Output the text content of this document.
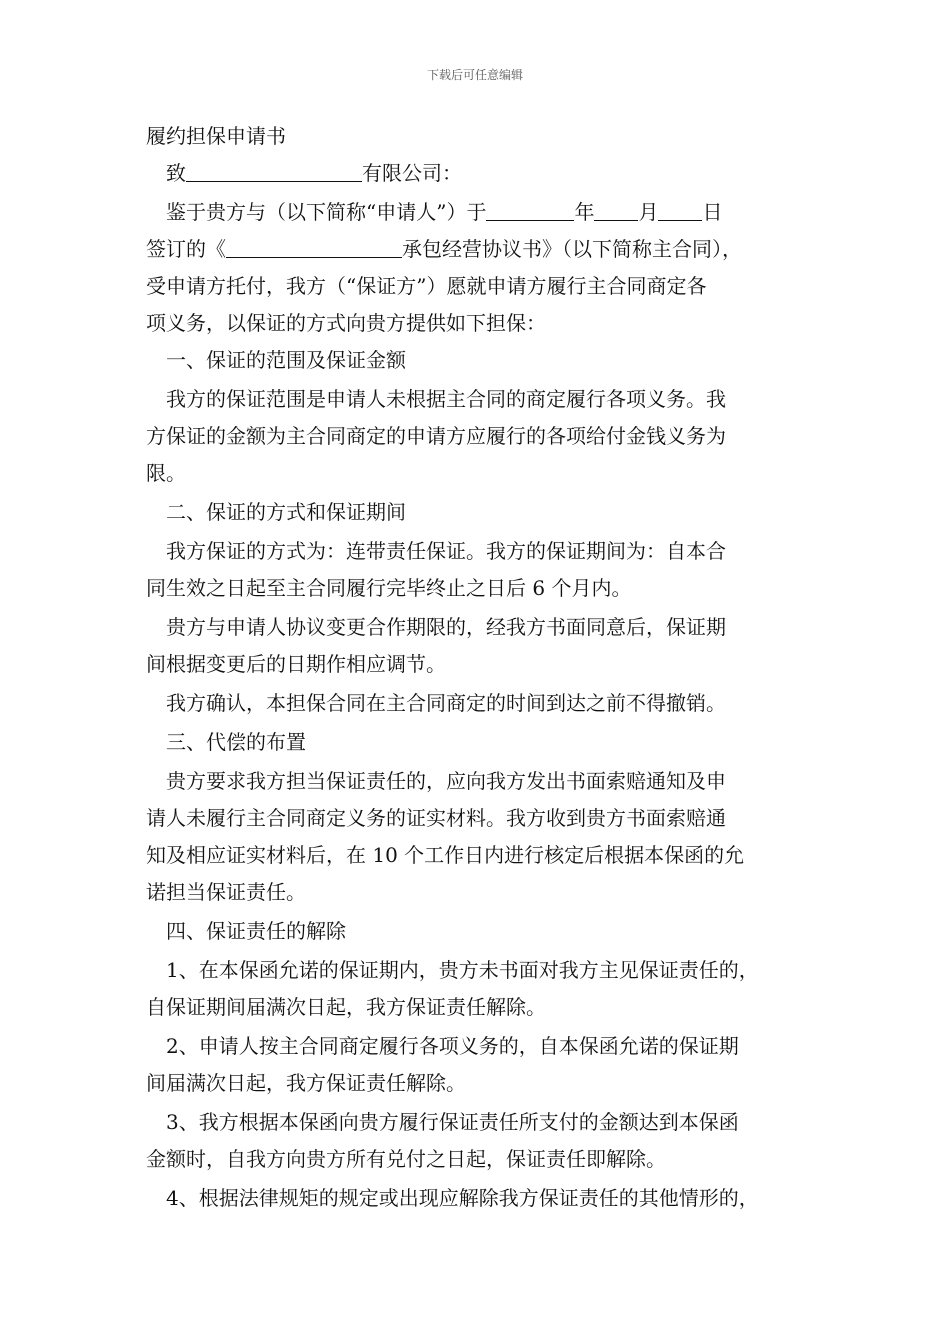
下载后可任意编辑

履约担保申请书

致	有限公司：

鉴于贵方与（以下简称“申请人”）于	年 月 日

签订的《	承包经营协议书》（以下简称主合同），

受申请方托付，我方（“保证方”）愿就申请方履行主合同商定各

项义务，以保证的方式向贵方提供如下担保：

一、保证的范围及保证金额

我方的保证范围是申请人未根据主合同的商定履行各项义务。我

方保证的金额为主合同商定的申请方应履行的各项给付金钱义务为

限。

二、保证的方式和保证期间

我方保证的方式为：连带责任保证。我方的保证期间为：自本合

同生效之日起至主合同履行完毕终止之日后 6 个月内。

贵方与申请人协议变更合作期限的，经我方书面同意后，保证期

间根据变更后的日期作相应调节。

我方确认，本担保合同在主合同商定的时间到达之前不得撤销。

三、代偿的布置

贵方要求我方担当保证责任的，应向我方发出书面索赔通知及申

请人未履行主合同商定义务的证实材料。我方收到贵方书面索赔通

知及相应证实材料后，在 10 个工作日内进行核定后根据本保函的允

诺担当保证责任。

四、保证责任的解除

1、在本保函允诺的保证期内，贵方未书面对我方主见保证责任的，

自保证期间届满次日起，我方保证责任解除。

2、申请人按主合同商定履行各项义务的，自本保函允诺的保证期

间届满次日起，我方保证责任解除。

3、我方根据本保函向贵方履行保证责任所支付的金额达到本保函

金额时，自我方向贵方所有兑付之日起，保证责任即解除。

4、根据法律规矩的规定或出现应解除我方保证责任的其他情形的，
